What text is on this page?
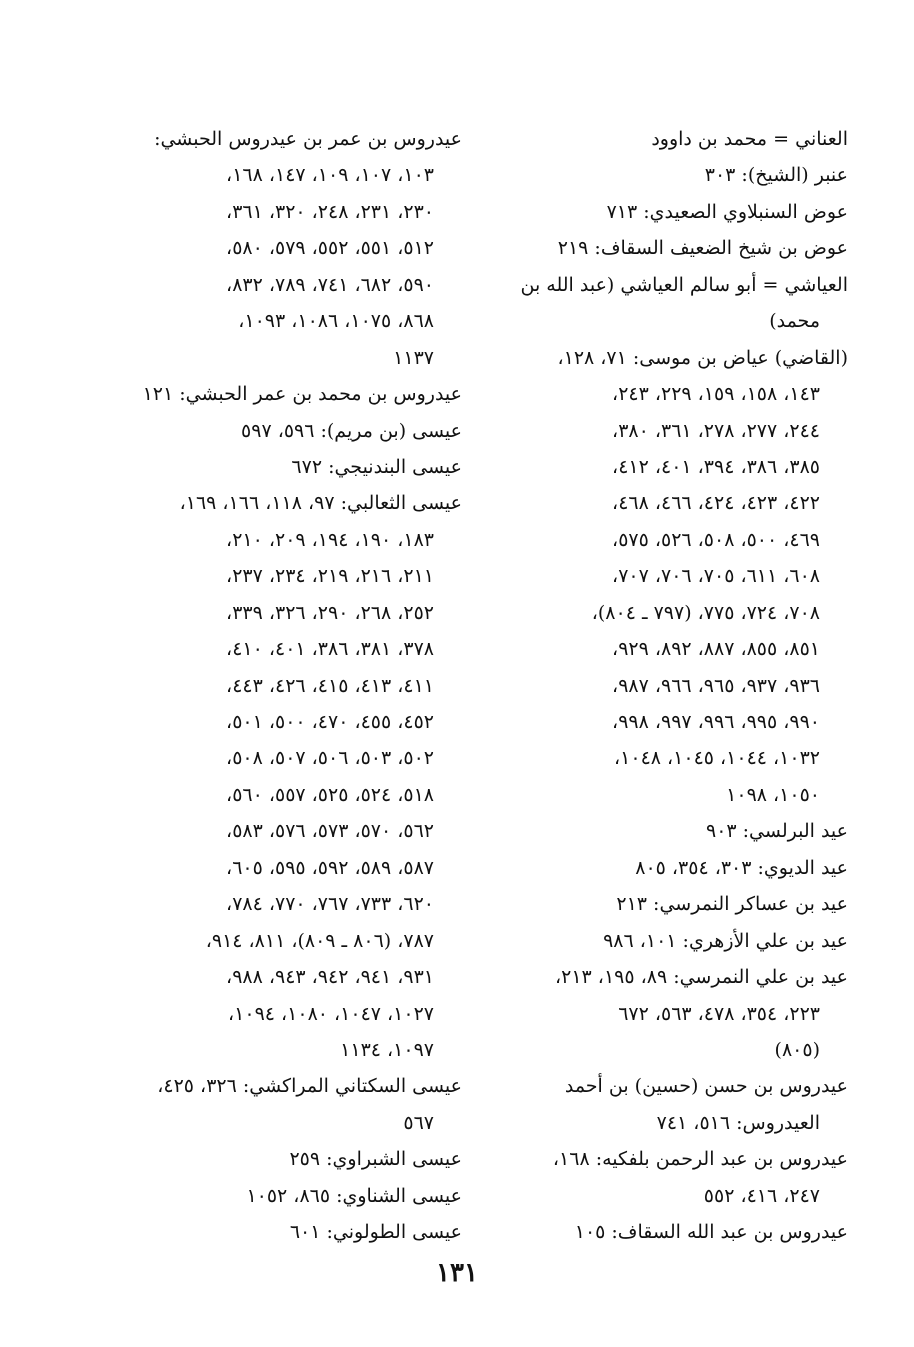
العناني = محمد بن داوود
عنبر (الشيخ): ٣٠٣
عوض السنبلاوي الصعيدي: ٧١٣
عوض بن شيخ الضعيف السقاف: ٢١٩
العياشي = أبو سالم العياشي (عبد الله بن
محمد)
(القاضي) عياض بن موسى: ٧١، ١٢٨،
١٤٣، ١٥٨، ١٥٩، ٢٢٩، ٢٤٣،
٢٤٤، ٢٧٧، ٢٧٨، ٣٦١، ٣٨٠،
٣٨٥، ٣٨٦، ٣٩٤، ٤٠١، ٤١٢،
٤٢٢، ٤٢٣، ٤٢٤، ٤٦٦، ٤٦٨،
٤٦٩، ٥٠٠، ٥٠٨، ٥٢٦، ٥٧٥،
٦٠٨، ٦١١، ٧٠٥، ٧٠٦، ٧٠٧،
٧٠٨، ٧٢٤، ٧٧٥، (٧٩٧ ـ ٨٠٤)،
٨٥١، ٨٥٥، ٨٨٧، ٨٩٢، ٩٢٩،
٩٣٦، ٩٣٧، ٩٦٥، ٩٦٦، ٩٨٧،
٩٩٠، ٩٩٥، ٩٩٦، ٩٩٧، ٩٩٨،
١٠٣٢، ١٠٤٤، ١٠٤٥، ١٠٤٨،
١٠٥٠، ١٠٩٨
عيد البرلسي: ٩٠٣
عيد الديوي: ٣٠٣، ٣٥٤، ٨٠٥
عيد بن عساكر النمرسي: ٢١٣
عيد بن علي الأزهري: ١٠١، ٩٨٦
عيد بن علي النمرسي: ٨٩، ١٩٥، ٢١٣،
٢٢٣، ٣٥٤، ٤٧٨، ٥٦٣، ٦٧٢
(٨٠٥)
عيدروس بن حسن (حسين) بن أحمد
العيدروس: ٥١٦، ٧٤١
عيدروس بن عبد الرحمن بلفكيه: ١٦٨،
٢٤٧، ٤١٦، ٥٥٢
عيدروس بن عبد الله السقاف: ١٠٥
عيدروس بن عمر بن عيدروس الحبشي:
١٠٣، ١٠٧، ١٠٩، ١٤٧، ١٦٨،
٢٣٠، ٢٣١، ٢٤٨، ٣٢٠، ٣٦١،
٥١٢، ٥٥١، ٥٥٢، ٥٧٩، ٥٨٠،
٥٩٠، ٦٨٢، ٧٤١، ٧٨٩، ٨٣٢،
٨٦٨، ١٠٧٥، ١٠٨٦، ١٠٩٣،
١١٣٧
عيدروس بن محمد بن عمر الحبشي: ١٢١
عيسى (بن مريم): ٥٩٦، ٥٩٧
عيسى البندنيجي: ٦٧٢
عيسى الثعالبي: ٩٧، ١١٨، ١٦٦، ١٦٩،
١٨٣، ١٩٠، ١٩٤، ٢٠٩، ٢١٠،
٢١١، ٢١٦، ٢١٩، ٢٣٤، ٢٣٧،
٢٥٢، ٢٦٨، ٢٩٠، ٣٢٦، ٣٣٩،
٣٧٨، ٣٨١، ٣٨٦، ٤٠١، ٤١٠،
٤١١، ٤١٣، ٤١٥، ٤٢٦، ٤٤٣،
٤٥٢، ٤٥٥، ٤٧٠، ٥٠٠، ٥٠١،
٥٠٢، ٥٠٣، ٥٠٦، ٥٠٧، ٥٠٨،
٥١٨، ٥٢٤، ٥٢٥، ٥٥٧، ٥٦٠،
٥٦٢، ٥٧٠، ٥٧٣، ٥٧٦، ٥٨٣،
٥٨٧، ٥٨٩، ٥٩٢، ٥٩٥، ٦٠٥،
٦٢٠، ٧٣٣، ٧٦٧، ٧٧٠، ٧٨٤،
٧٨٧، (٨٠٦ ـ ٨٠٩)، ٨١١، ٩١٤،
٩٣١، ٩٤١، ٩٤٢، ٩٤٣، ٩٨٨،
١٠٢٧، ١٠٤٧، ١٠٨٠، ١٠٩٤،
١٠٩٧، ١١٣٤
عيسى السكتاني المراكشي: ٣٢٦، ٤٢٥،
٥٦٧
عيسى الشبراوي: ٢٥٩
عيسى الشناوي: ٨٦٥، ١٠٥٢
عيسى الطولوني: ٦٠١
١٣١
